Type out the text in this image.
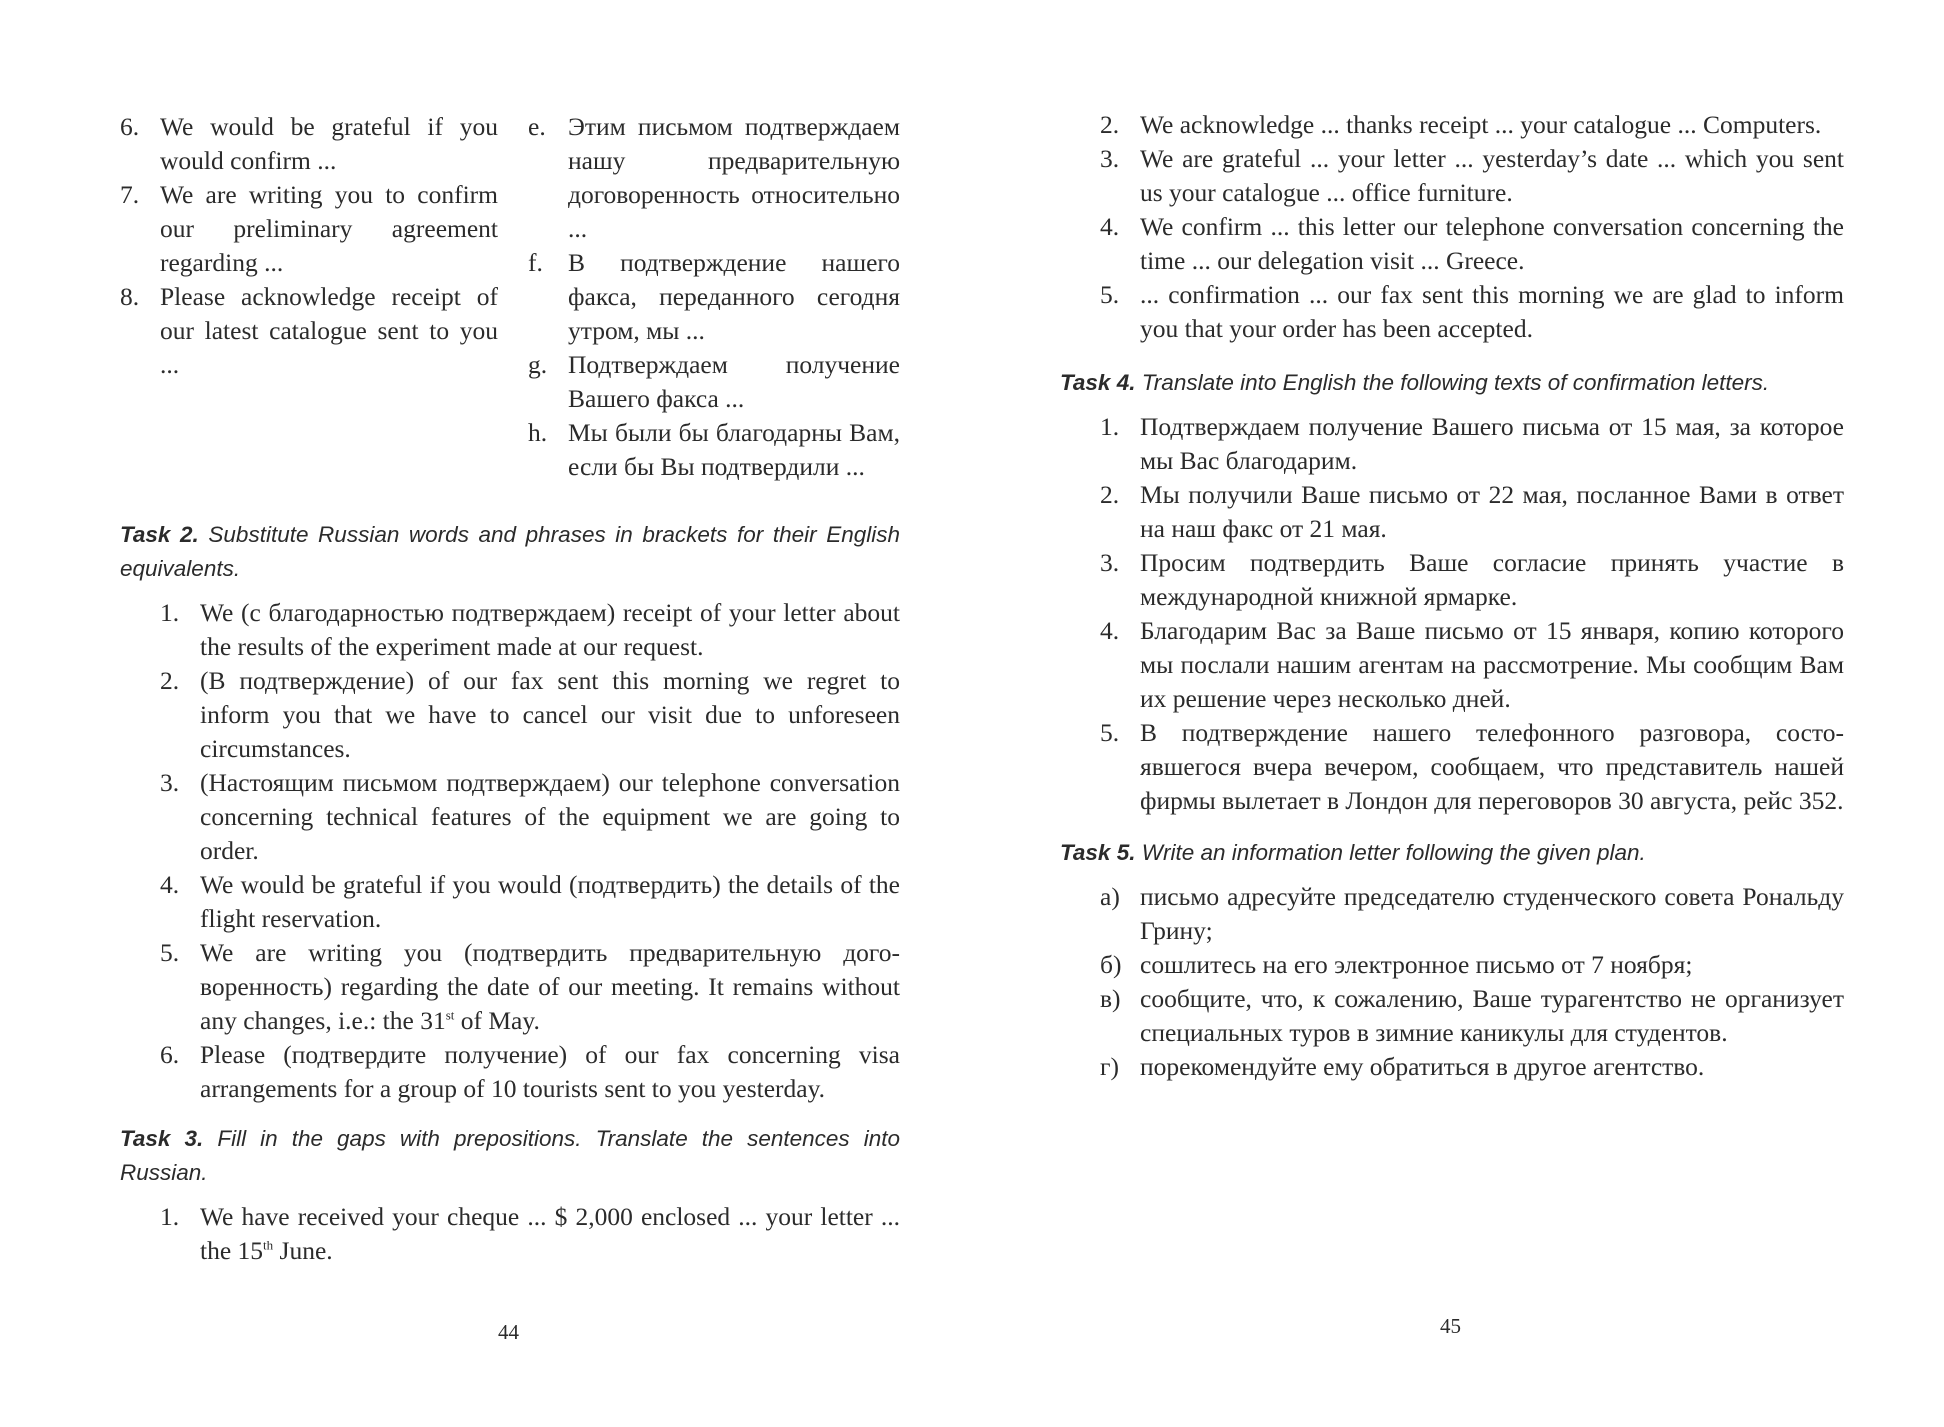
6. We would be grateful if you would confirm ...
7. We are writing you to confirm our preliminary agreement regarding ...
8. Please acknowledge receipt of our latest catalogue sent to you ...
e. Этим письмом подтверждаем нашу предварительную договоренность относительно ...
f. В подтверждение нашего факса, переданного сегодня утром, мы ...
g. Подтверждаем получение Вашего факса ...
h. Мы были бы благодарны Вам, если бы Вы подтвердили ...
Task 2. Substitute Russian words and phrases in brackets for their English equivalents.
1. We (с благодарностью подтверждаем) receipt of your letter about the results of the experiment made at our request.
2. (В подтверждение) of our fax sent this morning we regret to inform you that we have to cancel our visit due to unforeseen circumstances.
3. (Настоящим письмом подтверждаем) our telephone conversation concerning technical features of the equipment we are going to order.
4. We would be grateful if you would (подтвердить) the details of the flight reservation.
5. We are writing you (подтвердить предварительную договоренность) regarding the date of our meeting. It remains without any changes, i.e.: the 31st of May.
6. Please (подтвердите получение) of our fax concerning visa arrangements for a group of 10 tourists sent to you yesterday.
Task 3. Fill in the gaps with prepositions. Translate the sentences into Russian.
1. We have received your cheque ... $ 2,000 enclosed ... your letter ... the 15th June.
44
2. We acknowledge ... thanks receipt ... your catalogue ... Computers.
3. We are grateful ... your letter ... yesterday’s date ... which you sent us your catalogue ... office furniture.
4. We confirm ... this letter our telephone conversation concerning the time ... our delegation visit ... Greece.
5. ... confirmation ... our fax sent this morning we are glad to inform you that your order has been accepted.
Task 4. Translate into English the following texts of confirmation letters.
1. Подтверждаем получение Вашего письма от 15 мая, за которое мы Вас благодарим.
2. Мы получили Ваше письмо от 22 мая, посланное Вами в ответ на наш факс от 21 мая.
3. Просим подтвердить Ваше согласие принять участие в международной книжной ярмарке.
4. Благодарим Вас за Ваше письмо от 15 января, копию которого мы послали нашим агентам на рассмотрение. Мы сообщим Вам их решение через несколько дней.
5. В подтверждение нашего телефонного разговора, состоявшегося вчера вечером, сообщаем, что представитель нашей фирмы вылетает в Лондон для переговоров 30 августа, рейс 352.
Task 5. Write an information letter following the given plan.
а) письмо адресуйте председателю студенческого совета Рональду Грину;
б) сошлитесь на его электронное письмо от 7 ноября;
в) сообщите, что, к сожалению, Ваше турагентство не организует специальных туров в зимние каникулы для студентов.
г) порекомендуйте ему обратиться в другое агентство.
45
